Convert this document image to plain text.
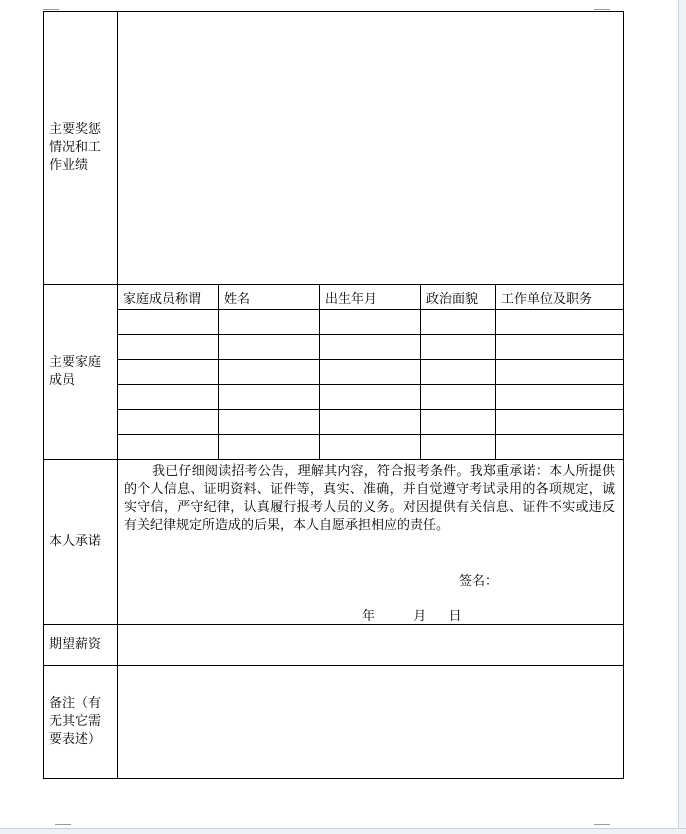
主要奖惩情况和工作业绩					
主要家庭成员	家庭成员称谓	姓名	出生年月	政治面貌	工作单位及职务

本人承诺	我已仔细阅读招考公告，理解其内容，符合报考条件。我郑重承诺：本人所提供的个人信息、证明资料、证件等，真实、准确，并自觉遵守考试录用的各项规定，诚实守信，严守纪律，认真履行报考人员的义务。对因提供有关信息、证件不实或违反有关纪律规定所造成的后果，本人自愿承担相应的责任。
签名：
年 月 日				

期望薪资					
备注（有无其它需要表述）					
